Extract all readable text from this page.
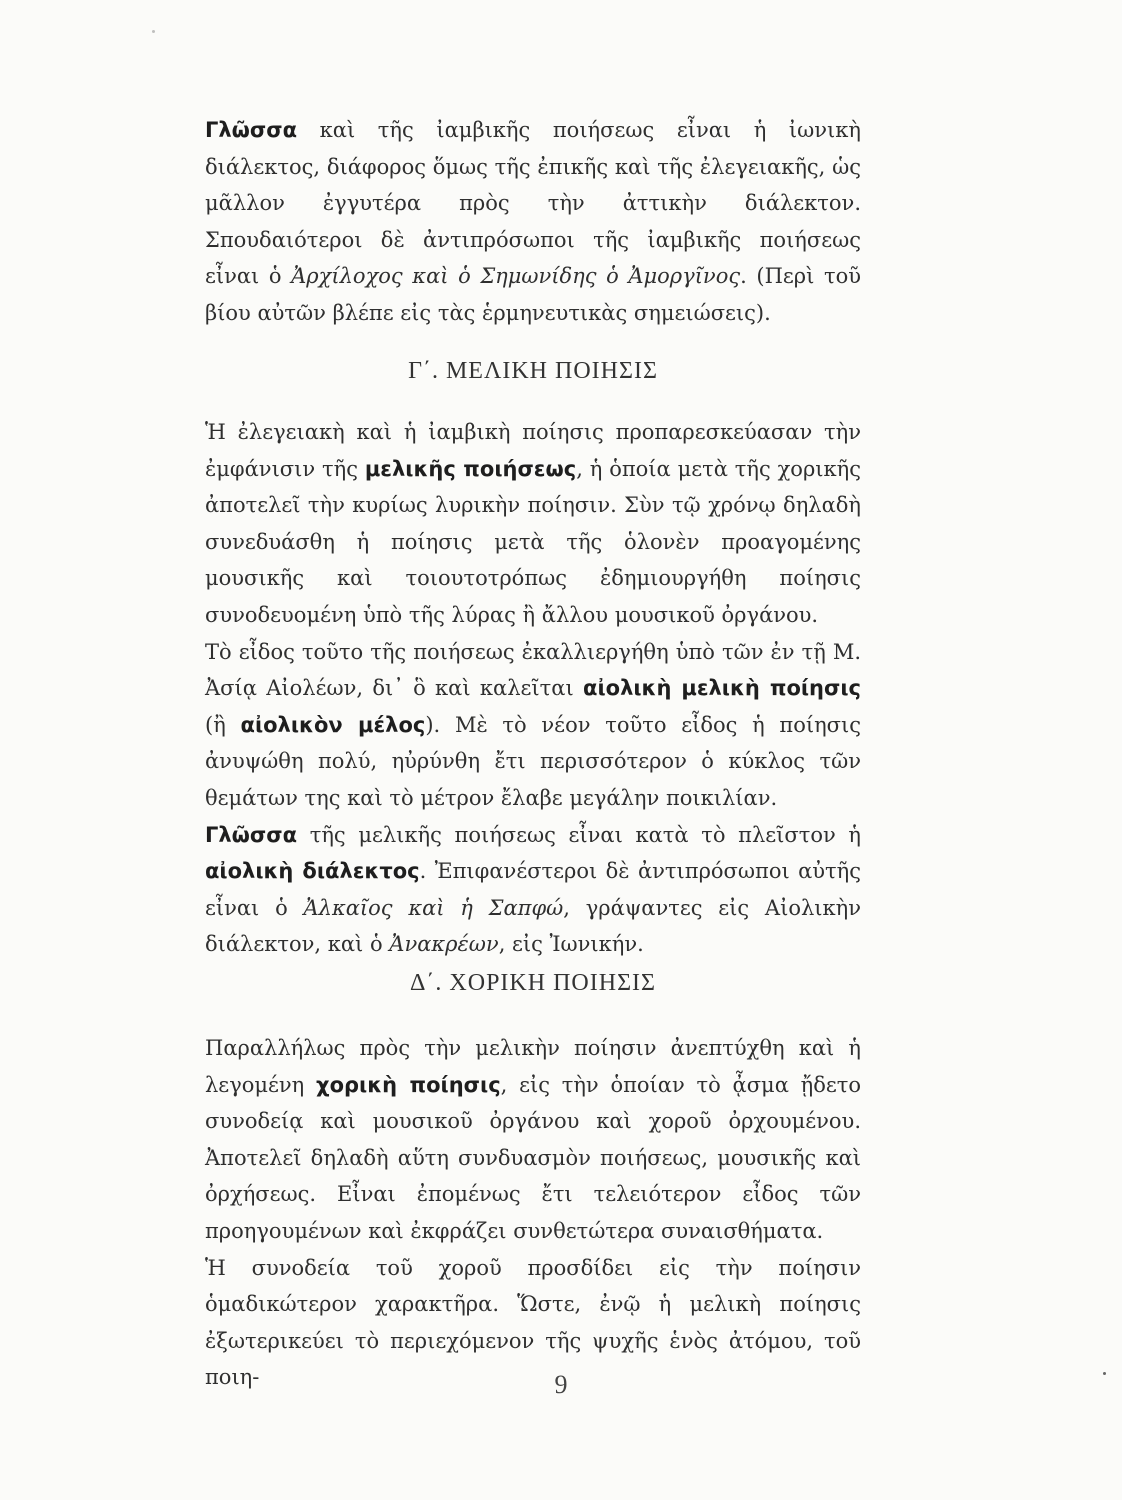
Γλῶσσα καὶ τῆς ἰαμβικῆς ποιήσεως εἶναι ἡ ἰωνικὴ διάλεκτος, διάφορος ὅμως τῆς ἐπικῆς καὶ τῆς ἐλεγειακῆς, ὡς μᾶλλον ἐγγυτέρα πρὸς τὴν ἀττικὴν διάλεκτον. Σπουδαιότεροι δὲ ἀντιπρόσωποι τῆς ἰαμβικῆς ποιήσεως εἶναι ὁ Ἀρχίλοχος καὶ ὁ Σημωνίδης ὁ Ἀμοργῖνος. (Περὶ τοῦ βίου αὐτῶν βλέπε εἰς τὰς ἑρμηνευτικὰς σημειώσεις).

Γ΄. ΜΕΛΙΚΗ ΠΟΙΗΣΙΣ

Ἡ ἐλεγειακὴ καὶ ἡ ἰαμβικὴ ποίησις προπαρεσκεύασαν τὴν ἐμφάνισιν τῆς μελικῆς ποιήσεως, ἡ ὁποία μετὰ τῆς χορικῆς ἀποτελεῖ τὴν κυρίως λυρικὴν ποίησιν. Σὺν τῷ χρόνῳ δηλαδὴ συνεδυάσθη ἡ ποίησις μετὰ τῆς ὁλονὲν προαγομένης μουσικῆς καὶ τοιουτοτρόπως ἐδημιουργήθη ποίησις συνοδευομένη ὑπὸ τῆς λύρας ἢ ἄλλου μουσικοῦ ὀργάνου.

Τὸ εἶδος τοῦτο τῆς ποιήσεως ἐκαλλιεργήθη ὑπὸ τῶν ἐν τῇ Μ. Ἀσίᾳ Αἰολέων, δι᾽ ὃ καὶ καλεῖται αἰολικὴ μελικὴ ποίησις (ἢ αἰολικὸν μέλος). Μὲ τὸ νέον τοῦτο εἶδος ἡ ποίησις ἀνυψώθη πολύ, ηὐρύνθη ἔτι περισσότερον ὁ κύκλος τῶν θεμάτων της καὶ τὸ μέτρον ἔλαβε μεγάλην ποικιλίαν.

Γλῶσσα τῆς μελικῆς ποιήσεως εἶναι κατὰ τὸ πλεῖστον ἡ αἰολικὴ διάλεκτος. Ἐπιφανέστεροι δὲ ἀντιπρόσωποι αὐτῆς εἶναι ὁ Ἀλκαῖος καὶ ἡ Σαπφώ, γράψαντες εἰς Αἰολικὴν διάλεκτον, καὶ ὁ Ἀνακρέων, εἰς Ἰωνικήν.

Δ΄. ΧΟΡΙΚΗ ΠΟΙΗΣΙΣ

Παραλλήλως πρὸς τὴν μελικὴν ποίησιν ἀνεπτύχθη καὶ ἡ λεγομένη χορικὴ ποίησις, εἰς τὴν ὁποίαν τὸ ᾆσμα ᾔδετο συνοδείᾳ καὶ μουσικοῦ ὀργάνου καὶ χοροῦ ὀρχουμένου. Ἀποτελεῖ δηλαδὴ αὕτη συνδυασμὸν ποιήσεως, μουσικῆς καὶ ὀρχήσεως. Εἶναι ἐπομένως ἔτι τελειότερον εἶδος τῶν προηγουμένων καὶ ἐκφράζει συνθετώτερα συναισθήματα.

Ἡ συνοδεία τοῦ χοροῦ προσδίδει εἰς τὴν ποίησιν ὁμαδικώτερον χαρακτῆρα. Ὥστε, ἐνῷ ἡ μελικὴ ποίησις ἐξωτερικεύει τὸ περιεχόμενον τῆς ψυχῆς ἑνὸς ἀτόμου, τοῦ ποιη-	9
